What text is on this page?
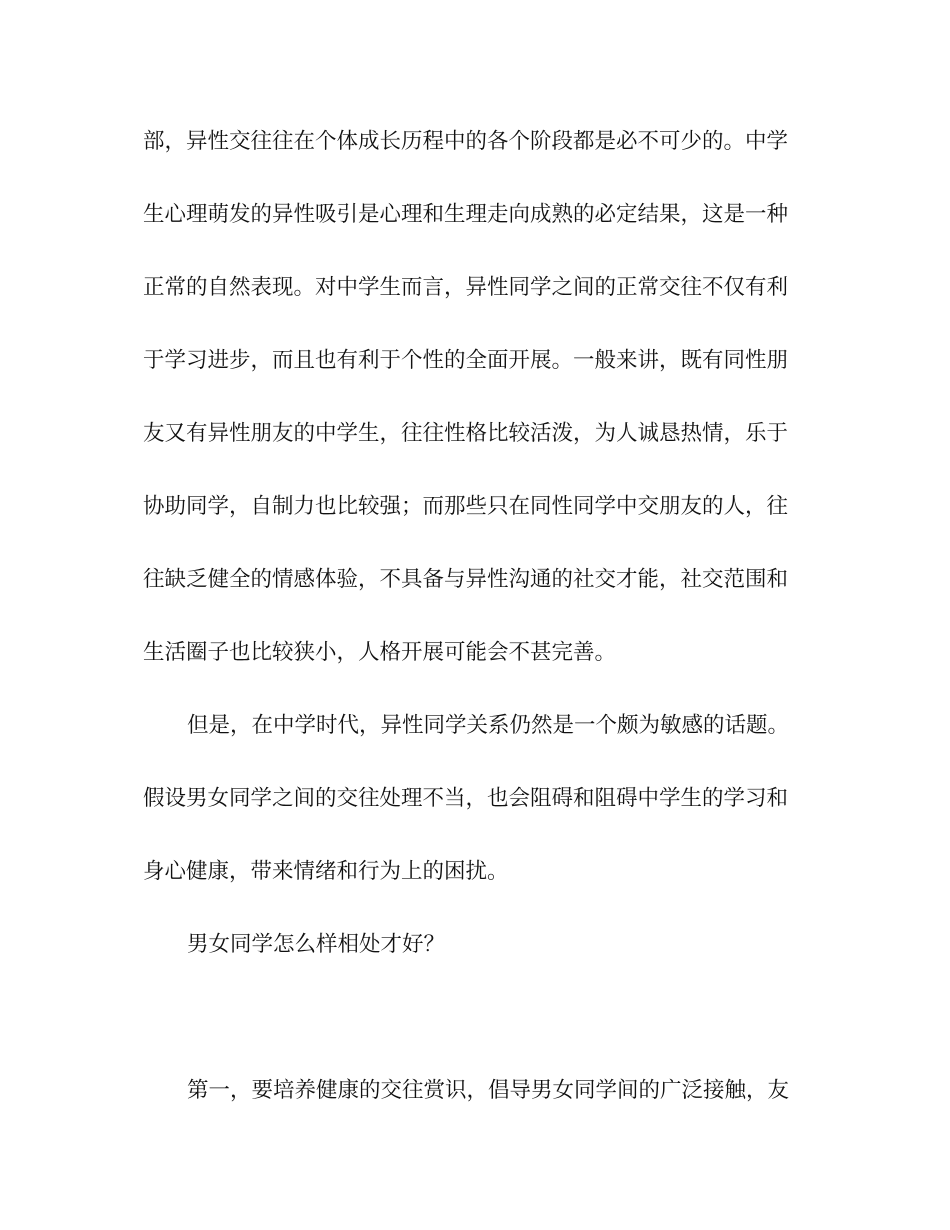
部，异性交往往在个体成长历程中的各个阶段都是必不可少的。中学
生心理萌发的异性吸引是心理和生理走向成熟的必定结果，这是一种
正常的自然表现。对中学生而言，异性同学之间的正常交往不仅有利
于学习进步，而且也有利于个性的全面开展。一般来讲，既有同性朋
友又有异性朋友的中学生，往往性格比较活泼，为人诚恳热情，乐于
协助同学，自制力也比较强；而那些只在同性同学中交朋友的人，往
往缺乏健全的情感体验，不具备与异性沟通的社交才能，社交范围和
生活圈子也比较狭小，人格开展可能会不甚完善。
但是，在中学时代，异性同学关系仍然是一个颇为敏感的话题。
假设男女同学之间的交往处理不当，也会阻碍和阻碍中学生的学习和
身心健康，带来情绪和行为上的困扰。
男女同学怎么样相处才好？
第一，要培养健康的交往赏识，倡导男女同学间的广泛接触，友
